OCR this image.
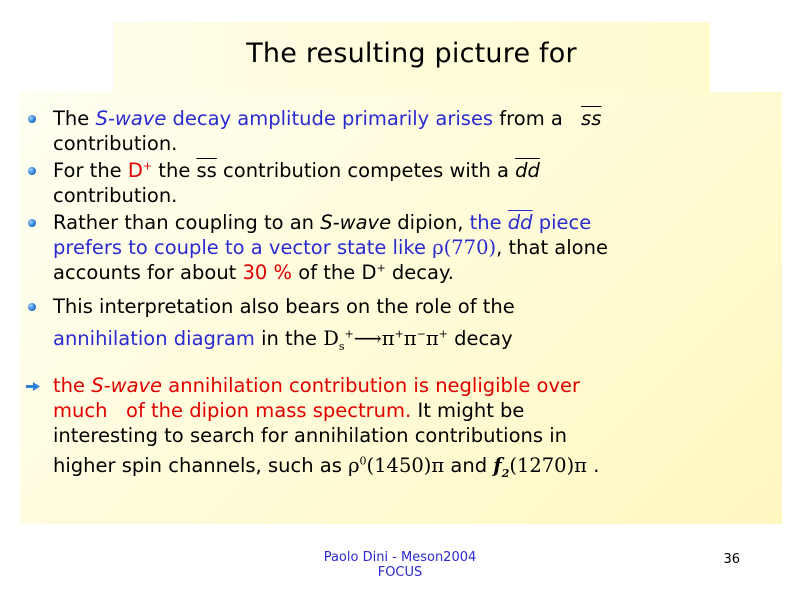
The resulting picture for
The S-wave decay amplitude primarily arises from a $\overline{ss}$
contribution.
For the D+ the $\overline{ss}$ contribution competes with a $\overline{dd}$
contribution.
Rather than coupling to an S-wave dipion, the $\overline{dd}$ piece
prefers to couple to a vector state like ρ(770), that alone
accounts for about 30 % of the D+ decay.
This interpretation also bears on the role of the

annihilation diagram in the $D_s^+⟶\pi^+\pi^-\pi^+$ decay
the S-wave annihilation contribution is negligible over
much   of the dipion mass spectrum. It might be
interesting to search for annihilation contributions in

higher spin channels, such as $\rho^0(1450)\pi$ and $f_2(1270)\pi$ .
Paolo Dini - Meson2004
FOCUS
36
